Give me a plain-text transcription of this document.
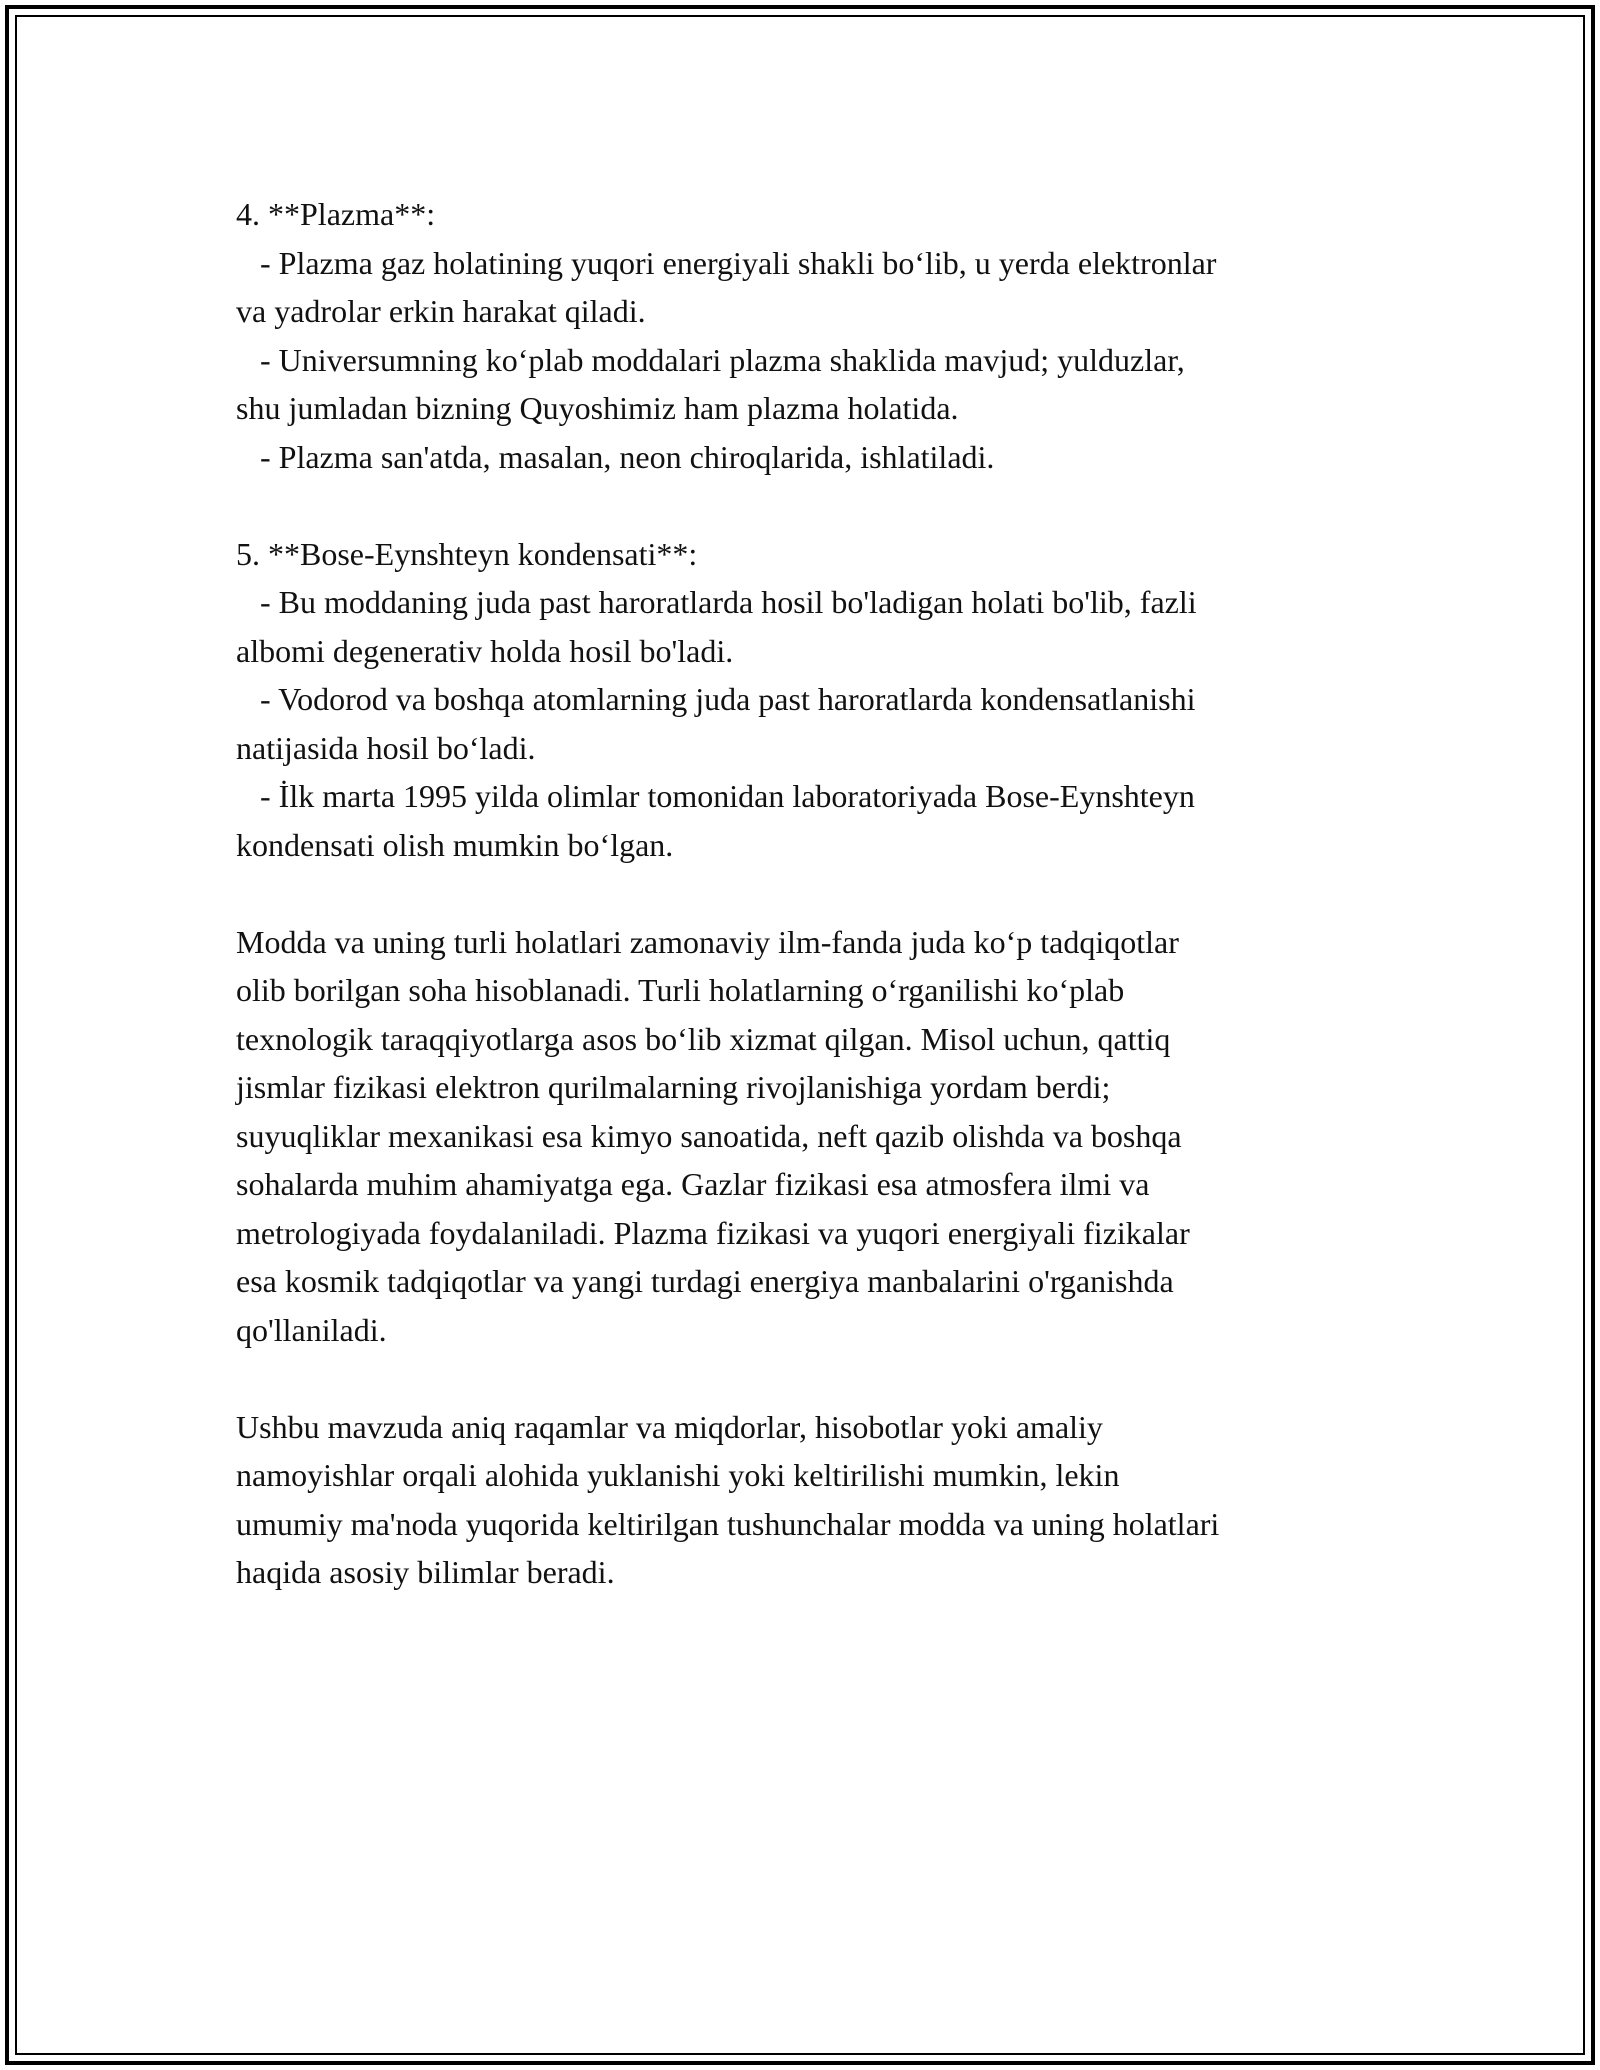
4. **Plazma**:
- Plazma gaz holatining yuqori energiyali shakli bo‘lib, u yerda elektronlar
va yadrolar erkin harakat qiladi.
- Universumning ko‘plab moddalari plazma shaklida mavjud; yulduzlar,
shu jumladan bizning Quyoshimiz ham plazma holatida.
- Plazma san'atda, masalan, neon chiroqlarida, ishlatiladi.
5. **Bose-Eynshteyn kondensati**:
- Bu moddaning juda past haroratlarda hosil bo'ladigan holati bo'lib, fazli
albomi degenerativ holda hosil bo'ladi.
- Vodorod va boshqa atomlarning juda past haroratlarda kondensatlanishi
natijasida hosil bo‘ladi.
- İlk marta 1995 yilda olimlar tomonidan laboratoriyada Bose-Eynshteyn
kondensati olish mumkin bo‘lgan.
Modda va uning turli holatlari zamonaviy ilm-fanda juda ko‘p tadqiqotlar
olib borilgan soha hisoblanadi. Turli holatlarning o‘rganilishi ko‘plab
texnologik taraqqiyotlarga asos bo‘lib xizmat qilgan. Misol uchun, qattiq
jismlar fizikasi elektron qurilmalarning rivojlanishiga yordam berdi;
suyuqliklar mexanikasi esa kimyo sanoatida, neft qazib olishda va boshqa
sohalarda muhim ahamiyatga ega. Gazlar fizikasi esa atmosfera ilmi va
metrologiyada foydalaniladi. Plazma fizikasi va yuqori energiyali fizikalar
esa kosmik tadqiqotlar va yangi turdagi energiya manbalarini o'rganishda
qo'llaniladi.
Ushbu mavzuda aniq raqamlar va miqdorlar, hisobotlar yoki amaliy
namoyishlar orqali alohida yuklanishi yoki keltirilishi mumkin, lekin
umumiy ma'noda yuqorida keltirilgan tushunchalar modda va uning holatlari
haqida asosiy bilimlar beradi.
